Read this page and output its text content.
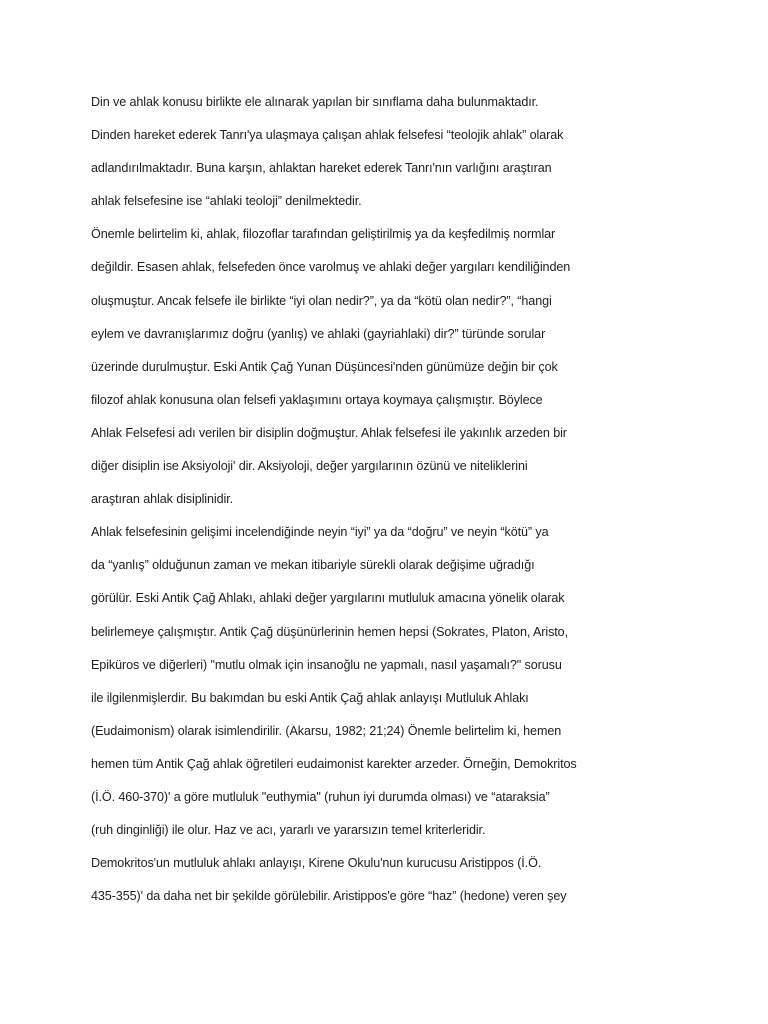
Din ve ahlak konusu birlikte ele alınarak yapılan bir sınıflama daha bulunmaktadır.
Dinden hareket ederek Tanrı'ya ulaşmaya çalışan ahlak felsefesi “teolojik ahlak” olarak
adlandırılmaktadır. Buna karşın, ahlaktan hareket ederek Tanrı'nın varlığını araştıran
ahlak felsefesine ise “ahlaki teoloji” denilmektedir.
Önemle belirtelim ki, ahlak, filozoflar tarafından geliştirilmiş ya da keşfedilmiş normlar
değildir. Esasen ahlak, felsefeden önce varolmuş ve ahlaki değer yargıları kendiliğinden
oluşmuştur. Ancak felsefe ile birlikte “iyi olan nedir?”, ya da “kötü olan nedir?”, “hangi
eylem ve davranışlarımız doğru (yanlış) ve ahlaki (gayriahlaki) dir?” türünde sorular
üzerinde durulmuştur. Eski Antik Çağ Yunan Düşüncesi'nden günümüze değin bir çok
filozof ahlak konusuna olan felsefi yaklaşımını ortaya koymaya çalışmıştır. Böylece
Ahlak Felsefesi adı verilen bir disiplin doğmuştur. Ahlak felsefesi ile yakınlık arzeden bir
diğer disiplin ise Aksiyoloji' dir. Aksiyoloji, değer yargılarının özünü ve niteliklerini
araştıran ahlak disiplinidir.
Ahlak felsefesinin gelişimi incelendiğinde neyin “iyi” ya da “doğru” ve neyin “kötü” ya
da “yanlış” olduğunun zaman ve mekan itibariyle sürekli olarak değişime uğradığı
görülür. Eski Antik Çağ Ahlakı, ahlaki değer yargılarını mutluluk amacına yönelik olarak
belirlemeye çalışmıştır. Antik Çağ düşünürlerinin hemen hepsi (Sokrates, Platon, Aristo,
Epiküros ve diğerleri) "mutlu olmak için insanoğlu ne yapmalı, nasıl yaşamalı?" sorusu
ile ilgilenmişlerdir. Bu bakımdan bu eski Antik Çağ ahlak anlayışı Mutluluk Ahlakı
(Eudaimonism) olarak isimlendirilir. (Akarsu, 1982; 21;24) Önemle belirtelim ki, hemen
hemen tüm Antik Çağ ahlak öğretileri eudaimonist karekter arzeder. Örneğin, Demokritos
(İ.Ö. 460-370)' a göre mutluluk "euthymia" (ruhun iyi durumda olması) ve “ataraksia”
(ruh dinginliği) ile olur. Haz ve acı, yararlı ve yararsızın temel kriterleridir.
Demokritos'un mutluluk ahlakı anlayışı, Kirene Okulu'nun kurucusu Aristippos (İ.Ö.
435-355)' da daha net bir şekilde görülebilir. Aristippos'e göre “haz” (hedone) veren şey
